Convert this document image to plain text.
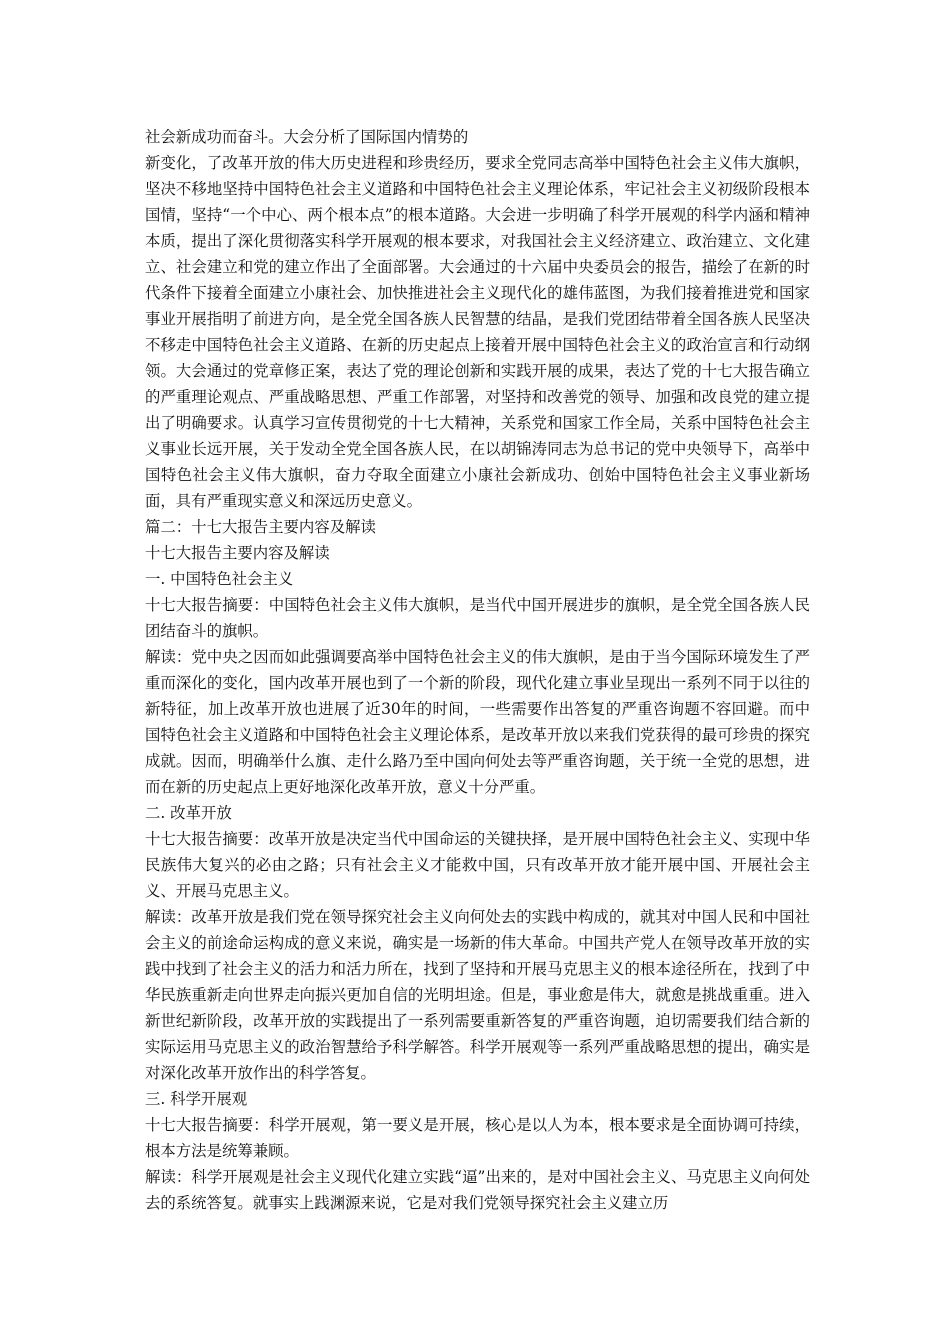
社会新成功而奋斗。大会分析了国际国内情势的

新变化，了改革开放的伟大历史进程和珍贵经历，要求全党同志高举中国特色社会主义伟大旗帜，坚决不移地坚持中国特色社会主义道路和中国特色社会主义理论体系，牢记社会主义初级阶段根本国情，坚持“一个中心、两个根本点”的根本道路。大会进一步明确了科学开展观的科学内涵和精神本质，提出了深化贯彻落实科学开展观的根本要求，对我国社会主义经济建立、政治建立、文化建立、社会建立和党的建立作出了全面部署。大会通过的十六届中央委员会的报告，描绘了在新的时代条件下接着全面建立小康社会、加快推进社会主义现代化的雄伟蓝图，为我们接着推进党和国家事业开展指明了前进方向，是全党全国各族人民智慧的结晶，是我们党团结带着全国各族人民坚决不移走中国特色社会主义道路、在新的历史起点上接着开展中国特色社会主义的政治宣言和行动纲领。大会通过的党章修正案，表达了党的理论创新和实践开展的成果，表达了党的十七大报告确立的严重理论观点、严重战略思想、严重工作部署，对坚持和改善党的领导、加强和改良党的建立提出了明确要求。认真学习宣传贯彻党的十七大精神，关系党和国家工作全局，关系中国特色社会主义事业长远开展，关于发动全党全国各族人民，在以胡锦涛同志为总书记的党中央领导下，高举中国特色社会主义伟大旗帜，奋力夺取全面建立小康社会新成功、创始中国特色社会主义事业新场面，具有严重现实意义和深远历史意义。

篇二：十七大报告主要内容及解读
十七大报告主要内容及解读
一. 中国特色社会主义

十七大报告摘要：中国特色社会主义伟大旗帜，是当代中国开展进步的旗帜，是全党全国各族人民团结奋斗的旗帜。

解读：党中央之因而如此强调要高举中国特色社会主义的伟大旗帜，是由于当今国际环境发生了严重而深化的变化，国内改革开展也到了一个新的阶段，现代化建立事业呈现出一系列不同于以往的新特征，加上改革开放也进展了近30年的时间，一些需要作出答复的严重咨询题不容回避。而中国特色社会主义道路和中国特色社会主义理论体系，是改革开放以来我们党获得的最可珍贵的探究成就。因而，明确举什么旗、走什么路乃至中国向何处去等严重咨询题，关于统一全党的思想，进而在新的历史起点上更好地深化改革开放，意义十分严重。

二. 改革开放

十七大报告摘要：改革开放是决定当代中国命运的关键抉择，是开展中国特色社会主义、实现中华民族伟大复兴的必由之路；只有社会主义才能救中国，只有改革开放才能开展中国、开展社会主义、开展马克思主义。

解读：改革开放是我们党在领导探究社会主义向何处去的实践中构成的，就其对中国人民和中国社会主义的前途命运构成的意义来说，确实是一场新的伟大革命。中国共产党人在领导改革开放的实践中找到了社会主义的活力和活力所在，找到了坚持和开展马克思主义的根本途径所在，找到了中华民族重新走向世界走向振兴更加自信的光明坦途。但是，事业愈是伟大，就愈是挑战重重。进入新世纪新阶段，改革开放的实践提出了一系列需要重新答复的严重咨询题，迫切需要我们结合新的实际运用马克思主义的政治智慧给予科学解答。科学开展观等一系列严重战略思想的提出，确实是对深化改革开放作出的科学答复。

三. 科学开展观

十七大报告摘要：科学开展观，第一要义是开展，核心是以人为本，根本要求是全面协调可持续，根本方法是统筹兼顾。

解读：科学开展观是社会主义现代化建立实践“逼”出来的，是对中国社会主义、马克思主义向何处去的系统答复。就事实上践渊源来说，它是对我们党领导探究社会主义建立历
